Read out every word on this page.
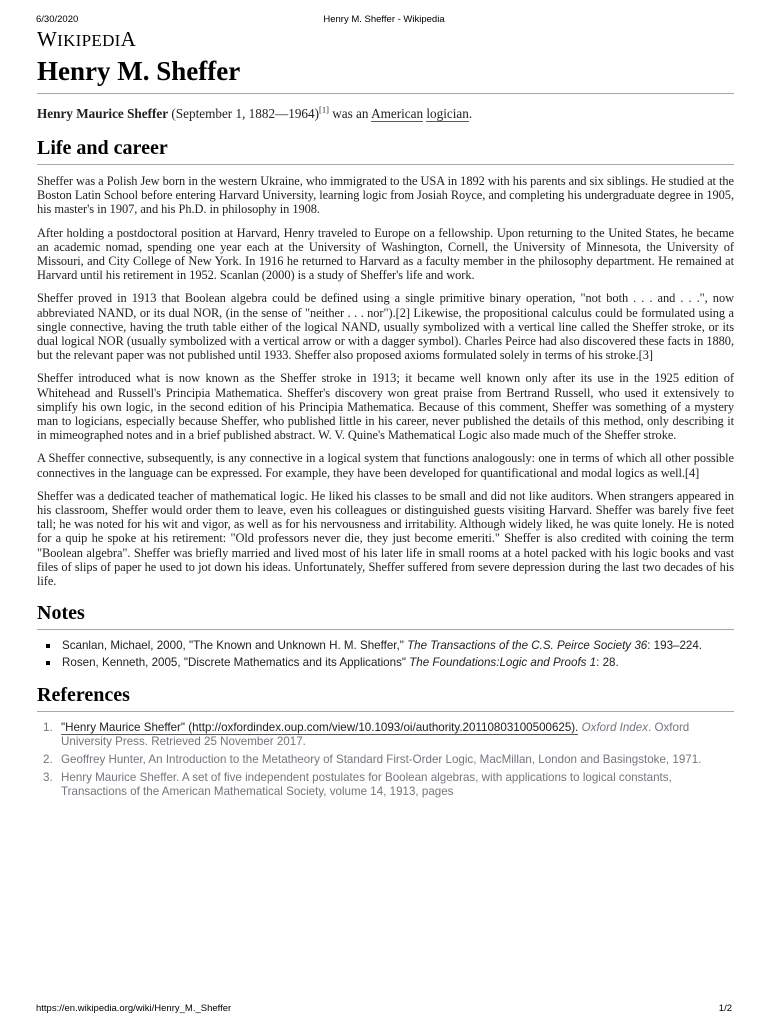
6/30/2020	Henry M. Sheffer - Wikipedia
WIKIPEDIA
Henry M. Sheffer

Henry Maurice Sheffer (September 1, 1882—1964)[1] was an American logician.

Life and career

Sheffer was a Polish Jew born in the western Ukraine, who immigrated to the USA in 1892 with his parents and six siblings. He studied at the Boston Latin School before entering Harvard University, learning logic from Josiah Royce, and completing his undergraduate degree in 1905, his master's in 1907, and his Ph.D. in philosophy in 1908.

After holding a postdoctoral position at Harvard, Henry traveled to Europe on a fellowship. Upon returning to the United States, he became an academic nomad, spending one year each at the University of Washington, Cornell, the University of Minnesota, the University of Missouri, and City College of New York. In 1916 he returned to Harvard as a faculty member in the philosophy department. He remained at Harvard until his retirement in 1952. Scanlan (2000) is a study of Sheffer's life and work.

Sheffer proved in 1913 that Boolean algebra could be defined using a single primitive binary operation, "not both . . . and . . .", now abbreviated NAND, or its dual NOR, (in the sense of "neither . . . nor").[2] Likewise, the propositional calculus could be formulated using a single connective, having the truth table either of the logical NAND, usually symbolized with a vertical line called the Sheffer stroke, or its dual logical NOR (usually symbolized with a vertical arrow or with a dagger symbol). Charles Peirce had also discovered these facts in 1880, but the relevant paper was not published until 1933. Sheffer also proposed axioms formulated solely in terms of his stroke.[3]

Sheffer introduced what is now known as the Sheffer stroke in 1913; it became well known only after its use in the 1925 edition of Whitehead and Russell's Principia Mathematica. Sheffer's discovery won great praise from Bertrand Russell, who used it extensively to simplify his own logic, in the second edition of his Principia Mathematica. Because of this comment, Sheffer was something of a mystery man to logicians, especially because Sheffer, who published little in his career, never published the details of this method, only describing it in mimeographed notes and in a brief published abstract. W. V. Quine's Mathematical Logic also made much of the Sheffer stroke.

A Sheffer connective, subsequently, is any connective in a logical system that functions analogously: one in terms of which all other possible connectives in the language can be expressed. For example, they have been developed for quantificational and modal logics as well.[4]

Sheffer was a dedicated teacher of mathematical logic. He liked his classes to be small and did not like auditors. When strangers appeared in his classroom, Sheffer would order them to leave, even his colleagues or distinguished guests visiting Harvard. Sheffer was barely five feet tall; he was noted for his wit and vigor, as well as for his nervousness and irritability. Although widely liked, he was quite lonely. He is noted for a quip he spoke at his retirement: "Old professors never die, they just become emeriti." Sheffer is also credited with coining the term "Boolean algebra". Sheffer was briefly married and lived most of his later life in small rooms at a hotel packed with his logic books and vast files of slips of paper he used to jot down his ideas. Unfortunately, Sheffer suffered from severe depression during the last two decades of his life.

Notes
Scanlan, Michael, 2000, "The Known and Unknown H. M. Sheffer," The Transactions of the C.S. Peirce Society 36: 193–224.
Rosen, Kenneth, 2005, "Discrete Mathematics and its Applications" The Foundations:Logic and Proofs 1: 28.
References
1. "Henry Maurice Sheffer" (http://oxfordindex.oup.com/view/10.1093/oi/authority.20110803100500625). Oxford Index. Oxford University Press. Retrieved 25 November 2017.
2. Geoffrey Hunter, An Introduction to the Metatheory of Standard First-Order Logic, MacMillan, London and Basingstoke, 1971.
3. Henry Maurice Sheffer. A set of five independent postulates for Boolean algebras, with applications to logical constants, Transactions of the American Mathematical Society, volume 14, 1913, pages
https://en.wikipedia.org/wiki/Henry_M._Sheffer	1/2
